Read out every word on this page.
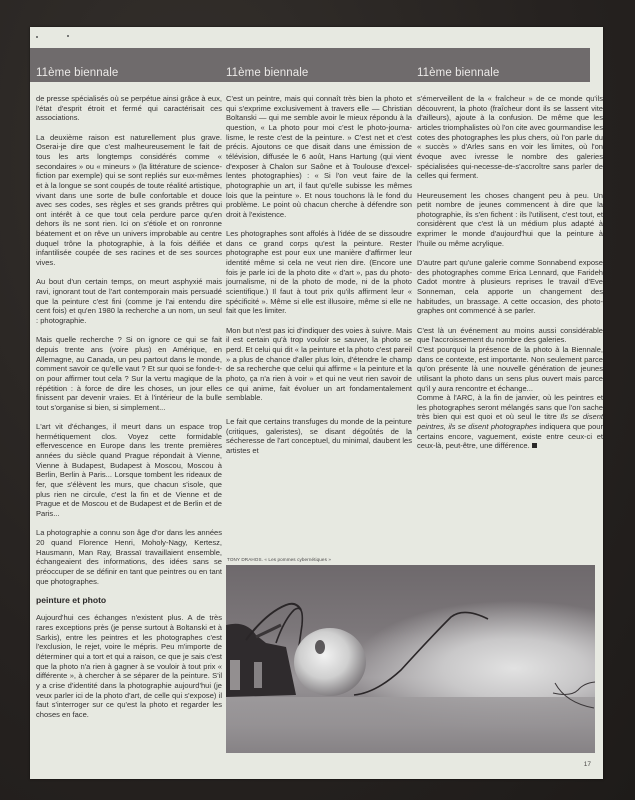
11ème biennale	11ème biennale	11ème biennale

de presse spécialisés où se perpétue ainsi grâce à eux, l'état d'esprit étroit et fermé qui caractérisait ces associations.

La deuxième raison est naturellement plus grave. Oserai-je dire que c'est malheureusement le fait de tous les arts longtemps considérés comme « secondaires » ou « mineurs » (la littérature de science-fiction par exemple) qui se sont repliés sur eux-mêmes et à la longue se sont coupés de toute réalité artistique, vivant dans une sorte de bulle confortable et douce avec ses codes, ses règles et ses grands prêtres qui ont intérêt à ce que tout cela perdure parce qu'en dehors ils ne sont rien. Ici on s'étiole et on ronronne béatement et on rêve un univers improbable au centre duquel trône la photographie, à la fois déifiée et infantilisée coupée de ses racines et de ses sources vives.

Au bout d'un certain temps, on meurt asphyxié mais ravi, ignorant tout de l'art contemporain mais persuadé que la peinture c'est fini (comme je l'ai entendu dire cent fois) et qu'en 1980 la recherche a un nom, un seul : photographie.

Mais quelle recherche ? Si on ignore ce qui se fait depuis trente ans (voire plus) en Amérique, en Allemagne, au Canada, un peu partout dans le monde, comment savoir ce qu'elle vaut ? Et sur quoi se fonde-t-on pour affirmer tout cela ? Sur la vertu magique de la répétition : à force de dire les choses, un jour elles finissent par devenir vraies. Et à l'intérieur de la bulle tout s'organise si bien, si simplement...

L'art vit d'échanges, il meurt dans un espace trop hermétiquement clos. Voyez cette formidable effervescence en Europe dans les trente premières années du siècle quand Prague répondait à Vienne, Vienne à Budapest, Budapest à Moscou, Moscou à Berlin, Berlin à Paris... Lorsque tombent les rideaux de fer, que s'élèvent les murs, que chacun s'isole, que plus rien ne circule, c'est la fin et de Vienne et de Prague et de Moscou et de Budapest et de Berlin et de Paris...

La photographie a connu son âge d'or dans les années 20 quand Florence Henri, Moholy-Nagy, Kertesz, Hausmann, Man Ray, Brassaï travaillaient ensemble, échangeaient des informations, des idées sans se préoccuper de se définir en tant que peintres ou en tant que photographes.

peinture et photo

Aujourd'hui ces échanges n'existent plus. A de très rares exceptions près (je pense surtout à Boltanski et à Sarkis), entre les peintres et les photographes c'est l'exclusion, le rejet, voire le mépris. Peu m'importe de déterminer qui a tort et qui a raison, ce que je sais c'est que la photo n'a rien à gagner à se vouloir à tout prix « différente », à chercher à se séparer de la peinture. S'il y a crise d'identité dans la photographie aujourd'hui (je veux parler ici de la photo d'art, de celle qui s'expose) il faut s'interroger sur ce qu'est la photo et regarder les choses en face.

C'est un peintre, mais qui connaît très bien la photo et qui s'exprime exclusivement à travers elle — Christian Boltanski — qui me semble avoir le mieux répondu à la question, « La photo pour moi c'est le photo-journalisme, le reste c'est de la peinture. » C'est net et c'est précis. Ajoutons ce que disait dans une émission de télévision, diffusée le 6 août, Hans Hartung (qui vient d'exposer à Chalon sur Saône et à Toulouse d'excellentes photographies) : « Si l'on veut faire de la photographie un art, il faut qu'elle subisse les mêmes lois que la peinture ». Et nous touchons là le fond du problème. Le point où chacun cherche à défendre son droit à l'existence.

Les photographes sont affolés à l'idée de se dissoudre dans ce grand corps qu'est la peinture. Rester photographe est pour eux une manière d'affirmer leur identité même si cela ne veut rien dire. (Encore une fois je parle ici de la photo dite « d'art », pas du photo-journalisme, ni de la photo de mode, ni de la photo scientifique.) Il faut à tout prix qu'ils affirment leur « spécificité ». Même si elle est illusoire, même si elle ne fait que les limiter.

Mon but n'est pas ici d'indiquer des voies à suivre. Mais il est certain qu'à trop vouloir se sauver, la photo se perd. Et celui qui dit « la peinture et la photo c'est pareil » a plus de chance d'aller plus loin, d'étendre le champ de sa recherche que celui qui affirme « la peinture et la photo, ça n'a rien à voir » et qui ne veut rien savoir de ce qui anime, fait évoluer un art fondamentalement semblable.

Le fait que certains transfuges du monde de la peinture (critiques, galeristes), se disant dégoûtés de la sécheresse de l'art conceptuel, du minimal, daubent les artistes et

s'émerveillent de la « fraîcheur » de ce monde qu'ils découvrent, la photo (fraîcheur dont ils se lassent vite d'ailleurs), ajoute à la confusion. De même que les articles triomphalistes où l'on cite avec gourmandise les cotes des photographes les plus chers, où l'on parle du « succès » d'Arles sans en voir les limites, où l'on évoque avec ivresse le nombre des galeries spécialisées qui-necesse-de-s'accroître sans parler de celles qui ferment.

Heureusement les choses changent peu à peu. Un petit nombre de jeunes commencent à dire que la photographie, ils s'en fichent : ils l'utilisent, c'est tout, et considèrent que c'est là un médium plus adapté à exprimer le monde d'aujourd'hui que la peinture à l'huile ou même acrylique.

D'autre part qu'une galerie comme Sonnabend expose des photographes comme Erica Lennard, que Farideh Cadot montre à plusieurs reprises le travail d'Eve Sonneman, cela apporte un changement des habitudes, un brassage. A cette occasion, des photographes ont commencé à se parler.

C'est là un événement au moins aussi considérable que l'accroissement du nombre des galeries.

C'est pourquoi la présence de la photo à la Biennale, dans ce contexte, est importante. Non seulement parce qu'on présente là une nouvelle génération de jeunes utilisant la photo dans un sens plus ouvert mais parce qu'il y aura rencontre et échange...

Comme à l'ARC, à la fin de janvier, où les peintres et les photographes seront mélangés sans que l'on sache très bien qui est quoi et où seul le titre Ils se disent peintres, ils se disent photographes indiquera que pour certains encore, vaguement, existe entre ceux-ci et ceux-là, peut-être, une différence.

TONY DRAHOS. « Les pommes cybernétiques »
17
